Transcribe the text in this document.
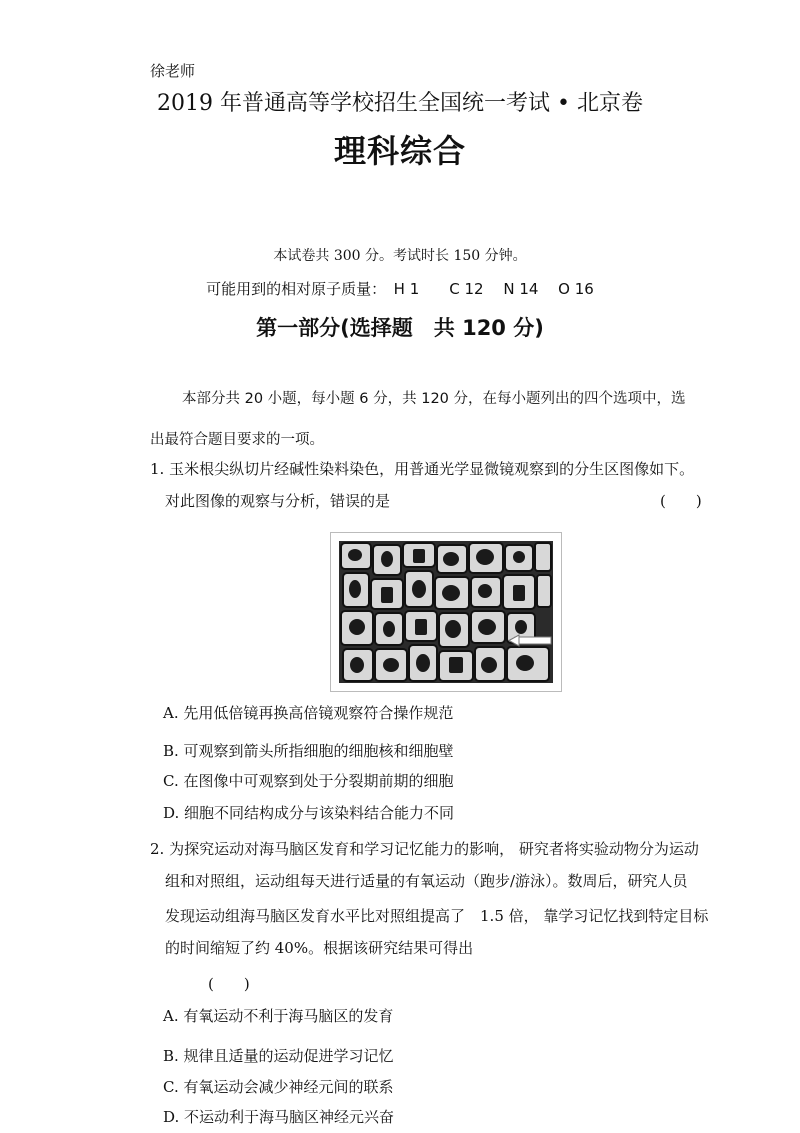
徐老师
2019 年普通高等学校招生全国统一考试 • 北京卷
理科综合
本试卷共 300 分。考试时长 150 分钟。
可能用到的相对原子质量：　H 1　　C 12　 N 14　 O 16
第一部分(选择题　共 120 分)
本部分共 20 小题，每小题 6 分，共 120 分，在每小题列出的四个选项中，选
出最符合题目要求的一项。
1. 玉米根尖纵切片经碱性染料染色，用普通光学显微镜观察到的分生区图像如下。
对此图像的观察与分析，错误的是	(　　)
A. 先用低倍镜再换高倍镜观察符合操作规范
B. 可观察到箭头所指细胞的细胞核和细胞壁
C. 在图像中可观察到处于分裂期前期的细胞
D. 细胞不同结构成分与该染料结合能力不同
2. 为探究运动对海马脑区发育和学习记忆能力的影响， 研究者将实验动物分为运动
组和对照组，运动组每天进行适量的有氧运动（跑步/游泳）。数周后，研究人员
发现运动组海马脑区发育水平比对照组提高了　1.5 倍， 靠学习记忆找到特定目标
的时间缩短了约 40%。根据该研究结果可得出
(　　)
A. 有氧运动不利于海马脑区的发育
B. 规律且适量的运动促进学习记忆
C. 有氧运动会减少神经元间的联系
D. 不运动利于海马脑区神经元兴奋
